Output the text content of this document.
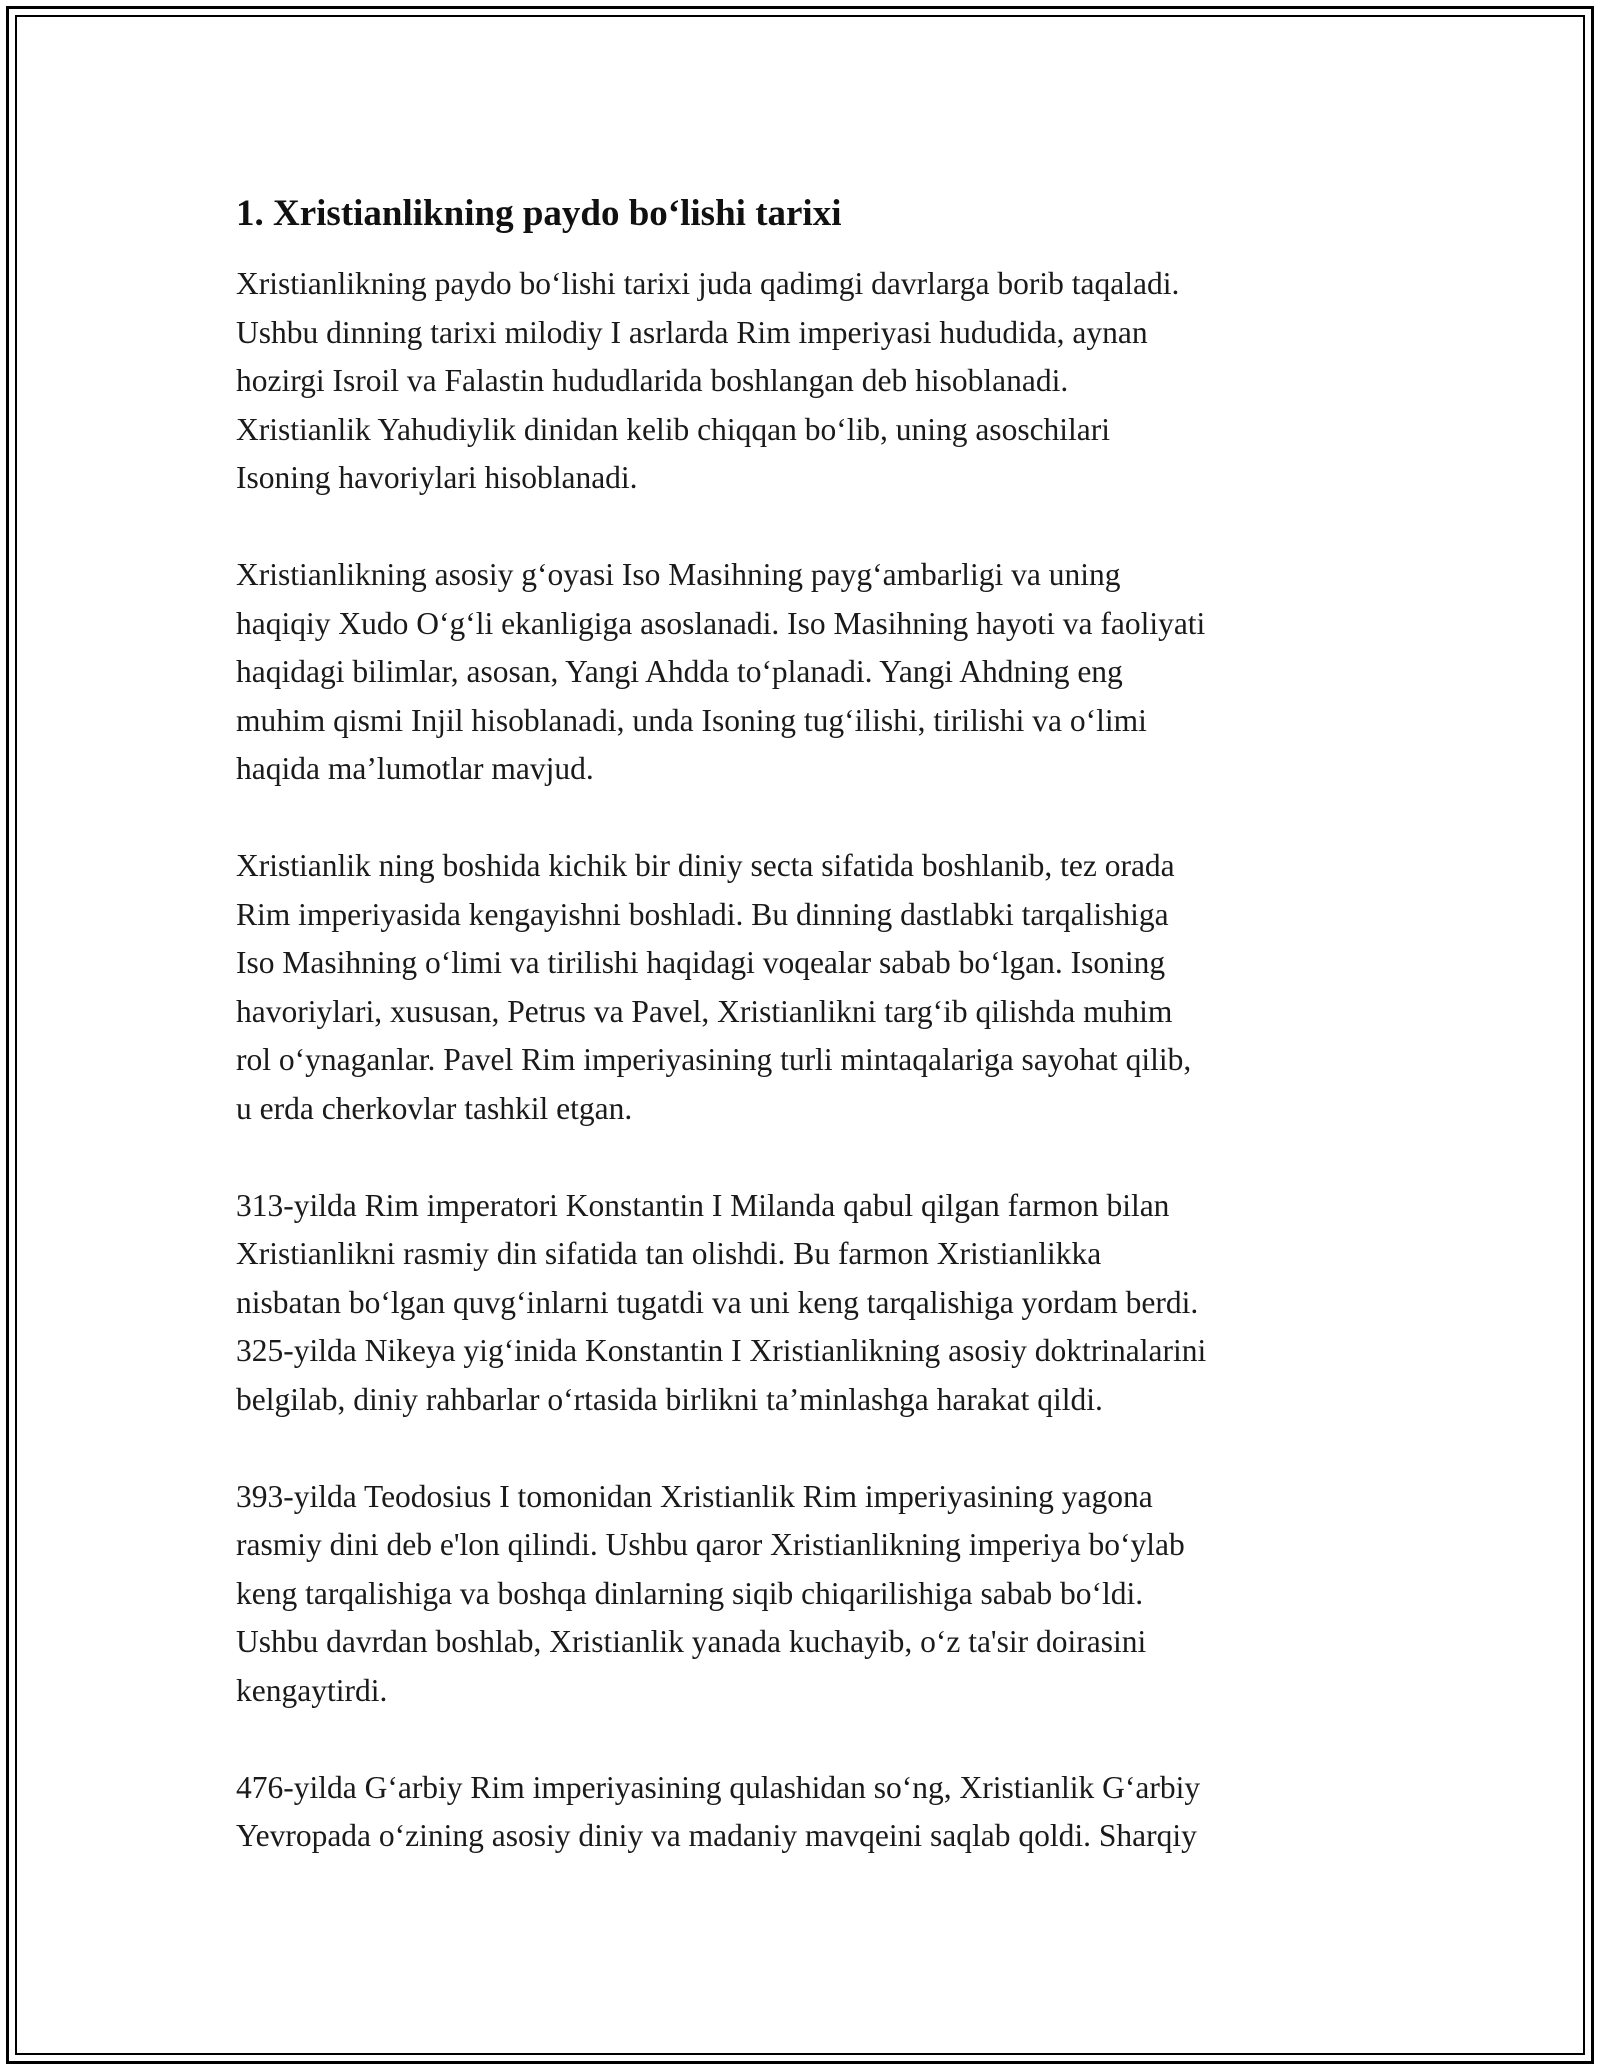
1. Xristianlikning paydo bo‘lishi tarixi

Xristianlikning paydo bo‘lishi tarixi juda qadimgi davrlarga borib taqaladi.
Ushbu dinning tarixi milodiy I asrlarda Rim imperiyasi hududida, aynan
hozirgi Isroil va Falastin hududlarida boshlangan deb hisoblanadi.
Xristianlik Yahudiylik dinidan kelib chiqqan bo‘lib, uning asoschilari
Isoning havoriylari hisoblanadi.

Xristianlikning asosiy g‘oyasi Iso Masihning payg‘ambarligi va uning
haqiqiy Xudo O‘g‘li ekanligiga asoslanadi. Iso Masihning hayoti va faoliyati
haqidagi bilimlar, asosan, Yangi Ahdda to‘planadi. Yangi Ahdning eng
muhim qismi Injil hisoblanadi, unda Isoning tug‘ilishi, tirilishi va o‘limi
haqida ma’lumotlar mavjud.

Xristianlik ning boshida kichik bir diniy secta sifatida boshlanib, tez orada
Rim imperiyasida kengayishni boshladi. Bu dinning dastlabki tarqalishiga
Iso Masihning o‘limi va tirilishi haqidagi voqealar sabab bo‘lgan. Isoning
havoriylari, xususan, Petrus va Pavel, Xristianlikni targ‘ib qilishda muhim
rol o‘ynaganlar. Pavel Rim imperiyasining turli mintaqalariga sayohat qilib,
u erda cherkovlar tashkil etgan.

313-yilda Rim imperatori Konstantin I Milanda qabul qilgan farmon bilan
Xristianlikni rasmiy din sifatida tan olishdi. Bu farmon Xristianlikka
nisbatan bo‘lgan quvg‘inlarni tugatdi va uni keng tarqalishiga yordam berdi.
325-yilda Nikeya yig‘inida Konstantin I Xristianlikning asosiy doktrinalarini
belgilab, diniy rahbarlar o‘rtasida birlikni ta’minlashga harakat qildi.

393-yilda Teodosius I tomonidan Xristianlik Rim imperiyasining yagona
rasmiy dini deb e'lon qilindi. Ushbu qaror Xristianlikning imperiya bo‘ylab
keng tarqalishiga va boshqa dinlarning siqib chiqarilishiga sabab bo‘ldi.
Ushbu davrdan boshlab, Xristianlik yanada kuchayib, o‘z ta'sir doirasini
kengaytirdi.

476-yilda G‘arbiy Rim imperiyasining qulashidan so‘ng, Xristianlik G‘arbiy
Yevropada o‘zining asosiy diniy va madaniy mavqeini saqlab qoldi. Sharqiy
